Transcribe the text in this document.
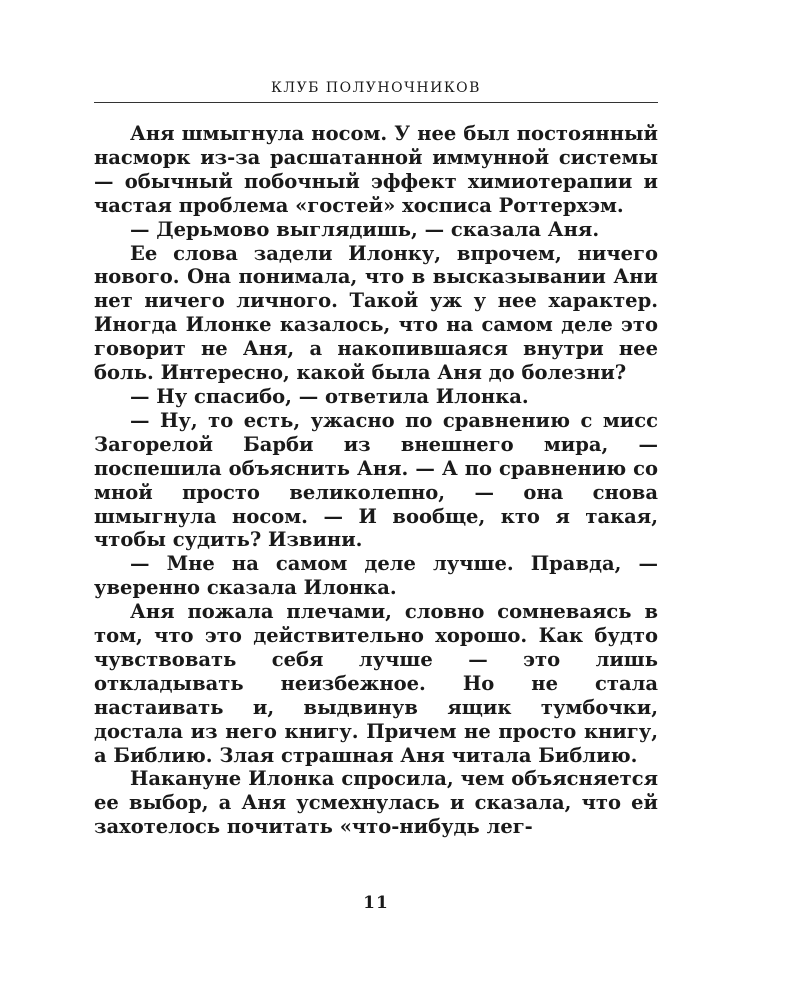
КЛУБ ПОЛУНОЧНИКОВ

Аня шмыгнула носом. У нее был постоянный насморк из-за расшатанной иммунной системы — обычный побочный эффект химиотерапии и частая проблема «гостей» хосписа Роттерхэм.

— Дерьмово выглядишь, — сказала Аня.

Ее слова задели Илонку, впрочем, ничего нового. Она понимала, что в высказывании Ани нет ничего личного. Такой уж у нее характер. Иногда Илонке казалось, что на самом деле это говорит не Аня, а накопившаяся внутри нее боль. Интересно, какой была Аня до болезни?

— Ну спасибо, — ответила Илонка.

— Ну, то есть, ужасно по сравнению с мисс Загорелой Барби из внешнего мира, — поспешила объяснить Аня. — А по сравнению со мной просто великолепно, — она снова шмыгнула носом. — И вообще, кто я такая, чтобы судить? Извини.

— Мне на самом деле лучше. Правда, — уверенно сказала Илонка.

Аня пожала плечами, словно сомневаясь в том, что это действительно хорошо. Как будто чувствовать себя лучше — это лишь откладывать неизбежное. Но не стала настаивать и, выдвинув ящик тумбочки, достала из него книгу. Причем не просто книгу, а Библию. Злая страшная Аня читала Библию.

Накануне Илонка спросила, чем объясняется ее выбор, а Аня усмехнулась и сказала, что ей захотелось почитать «что-нибудь лег-

11
